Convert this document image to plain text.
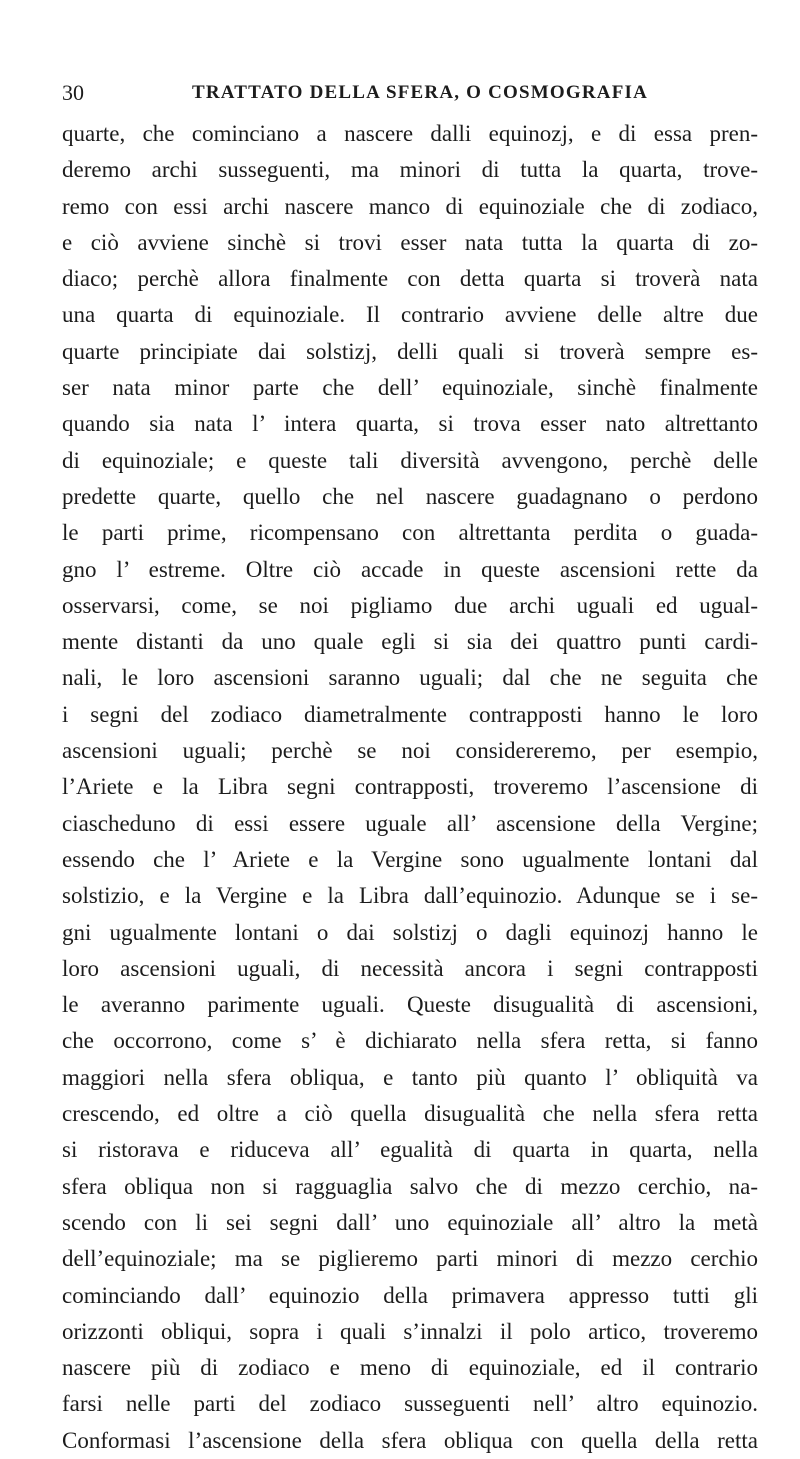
30	TRATTATO DELLA SFERA, O COSMOGRAFIA
quarte, che cominciano a nascere dalli equinozj, e di essa pren-
deremo archi susseguenti, ma minori di tutta la quarta, trove-
remo con essi archi nascere manco di equinoziale che di zodiaco,
e ciò avviene sinchè si trovi esser nata tutta la quarta di zo-
diaco; perchè allora finalmente con detta quarta si troverà nata
una quarta di equinoziale. Il contrario avviene delle altre due
quarte principiate dai solstizj, delli quali si troverà sempre es-
ser nata minor parte che dell’ equinoziale, sinchè finalmente
quando sia nata l’ intera quarta, si trova esser nato altrettanto
di equinoziale; e queste tali diversità avvengono, perchè delle
predette quarte, quello che nel nascere guadagnano o perdono
le parti prime, ricompensano con altrettanta perdita o guada-
gno l’ estreme. Oltre ciò accade in queste ascensioni rette da
osservarsi, come, se noi pigliamo due archi uguali ed ugual-
mente distanti da uno quale egli si sia dei quattro punti cardi-
nali, le loro ascensioni saranno uguali; dal che ne seguita che
i segni del zodiaco diametralmente contrapposti hanno le loro
ascensioni uguali; perchè se noi considereremo, per esempio,
l’Ariete e la Libra segni contrapposti, troveremo l’ascensione di
ciascheduno di essi essere uguale all’ ascensione della Vergine;
essendo che l’ Ariete e la Vergine sono ugualmente lontani dal
solstizio, e la Vergine e la Libra dall’equinozio. Adunque se i se-
gni ugualmente lontani o dai solstizj o dagli equinozj hanno le
loro ascensioni uguali, di necessità ancora i segni contrapposti
le averanno parimente uguali. Queste disugualità di ascensioni,
che occorrono, come s’ è dichiarato nella sfera retta, si fanno
maggiori nella sfera obliqua, e tanto più quanto l’ obliquità va
crescendo, ed oltre a ciò quella disugualità che nella sfera retta
si ristorava e riduceva all’ egualità di quarta in quarta, nella
sfera obliqua non si ragguaglia salvo che di mezzo cerchio, na-
scendo con li sei segni dall’ uno equinoziale all’ altro la metà
dell’equinoziale; ma se piglieremo parti minori di mezzo cerchio
cominciando dall’ equinozio della primavera appresso tutti gli
orizzonti obliqui, sopra i quali s’innalzi il polo artico, troveremo
nascere più di zodiaco e meno di equinoziale, ed il contrario
farsi nelle parti del zodiaco susseguenti nell’ altro equinozio.
Conformasi l’ascensione della sfera obliqua con quella della retta
